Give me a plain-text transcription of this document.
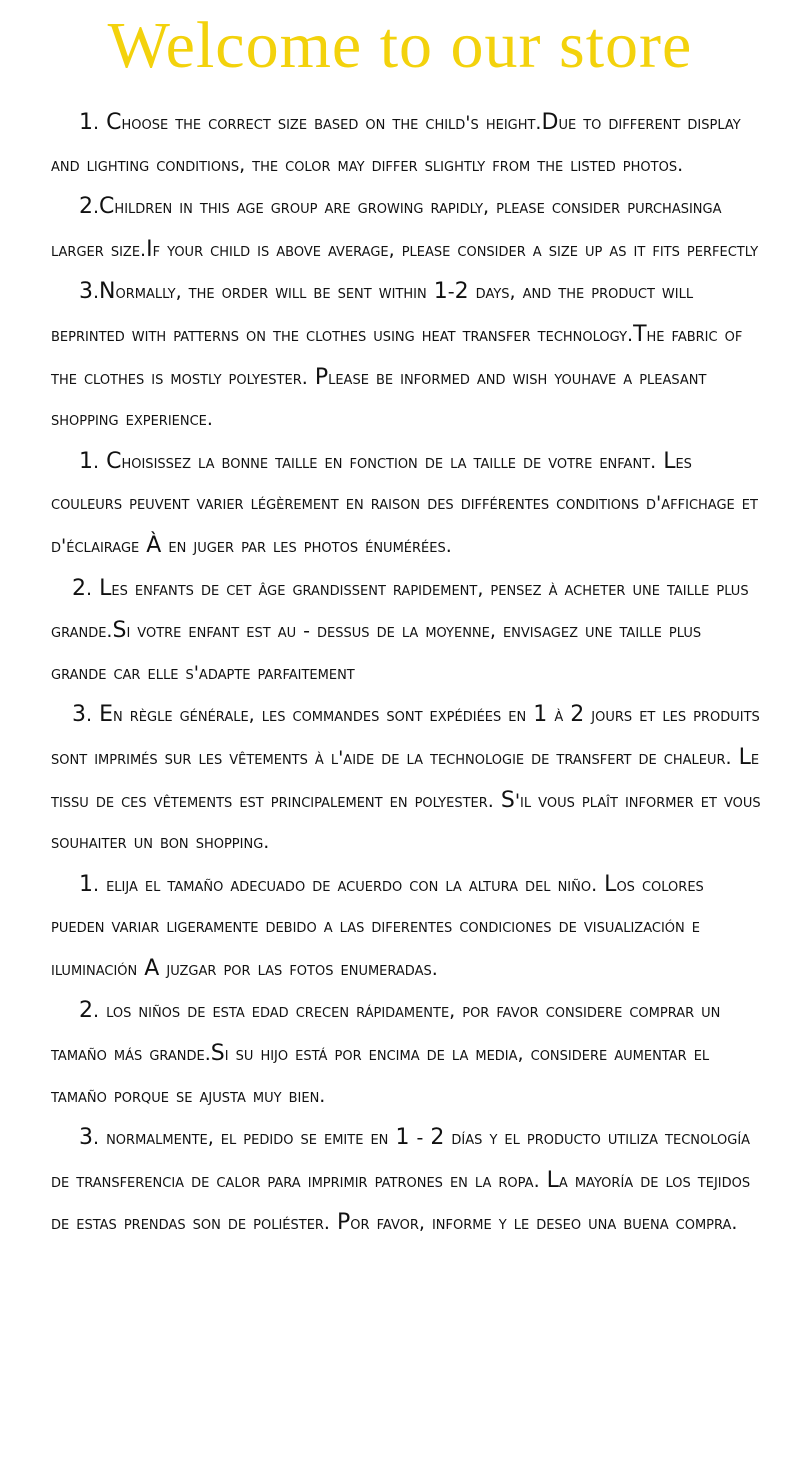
Welcome to our store

1. Choose the correct size based on the child's height.Due to different display and lighting conditions, the color may differ slightly from the listed photos.

2.Children in this age group are growing rapidly, please consider purchasinga larger size.If your child is above average, please consider a size up as it fits perfectly

3.Normally, the order will be sent within 1-2 days, and the product will beprinted with patterns on the clothes using heat transfer technology.The fabric of the clothes is mostly polyester. Please be informed and wish youhave a pleasant shopping experience.

1. Choisissez la bonne taille en fonction de la taille de votre enfant. Les couleurs peuvent varier légèrement en raison des différentes conditions d'affichage et d'éclairage À en juger par les photos énumérées.

2. Les enfants de cet âge grandissent rapidement, pensez à acheter une taille plus grande.Si votre enfant est au - dessus de la moyenne, envisagez une taille plus grande car elle s'adapte parfaitement

3. En règle générale, les commandes sont expédiées en 1 à 2 jours et les produits sont imprimés sur les vêtements à l'aide de la technologie de transfert de chaleur. Le tissu de ces vêtements est principalement en polyester. S'il vous plaît informer et vous souhaiter un bon shopping.

1. elija el tamaño adecuado de acuerdo con la altura del niño. Los colores pueden variar ligeramente debido a las diferentes condiciones de visualización e iluminación A juzgar por las fotos enumeradas.

2. los niños de esta edad crecen rápidamente, por favor considere comprar un tamaño más grande.Si su hijo está por encima de la media, considere aumentar el tamaño porque se ajusta muy bien.

3. normalmente, el pedido se emite en 1 - 2 días y el producto utiliza tecnología de transferencia de calor para imprimir patrones en la ropa. La mayoría de los tejidos de estas prendas son de poliéster. Por favor, informe y le deseo una buena compra.
